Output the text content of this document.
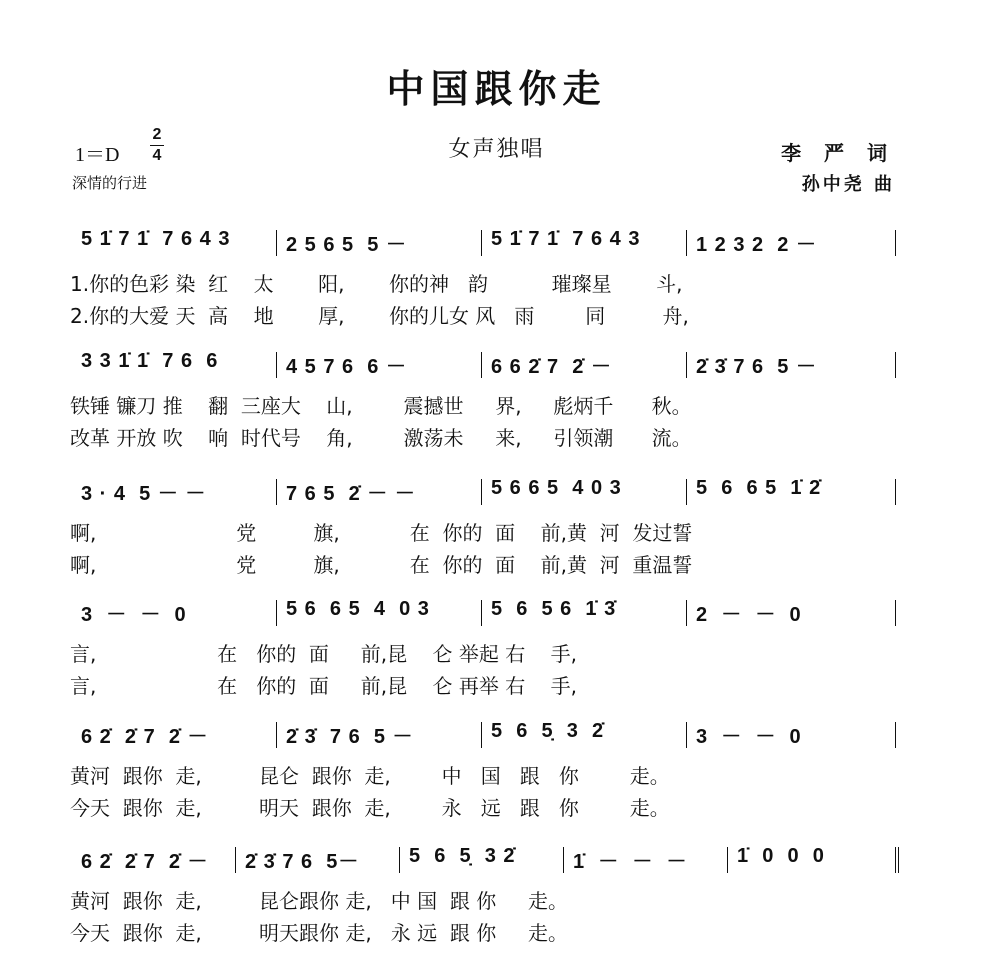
中国跟你走
1＝D
2
4	女声独唱	李 严 词
孙中尧 曲
深情的行进
5 1̇ 7 1̇  7 6 4 3	2 5 6 5  5 －	5 1̇ 7 1̇  7 6 4 3	1 2 3 2  2 －
1.你的色彩 染  红    太       阳,       你的神   韵          璀璨星       斗,
2.你的大爱 天  高    地       厚,       你的儿女 风   雨        同         舟,
3 3 1̇ 1̇  7 6  6	4 5 7 6  6 －	6 6 2̇ 7  2̇ －	2̇ 3̇ 7 6  5 －
铁锤 镰刀 推    翻  三座大    山,        震撼世     界,     彪炳千      秋。
改革 开放 吹    响  时代号    角,        激荡未     来,     引领潮      流。
3 · 4  5 － －	7 6 5  2̇ － －	5 6 6 5  4 0 3	5  6  6 5  1̇ 2̇
啊,                      党         旗,           在  你的  面    前,黄  河  发过誓
啊,                      党         旗,           在  你的  面    前,黄  河  重温誓
3  －  －  0	5 6  6 5  4  0 3	5  6  5 6  1̇ 3̇	2  －  －  0
言,                   在   你的  面     前,昆    仑 举起 右    手,
言,                   在   你的  面     前,昆    仑 再举 右    手,
6 2̇  2̇ 7  2̇ －	2̇ 3̇  7 6  5 －	5  6  5̣  3  2̇	3  －  －  0
黄河  跟你  走,         昆仑  跟你  走,        中   国   跟   你        走。
今天  跟你  走,         明天  跟你  走,        永   远   跟   你        走。
6 2̇  2̇ 7  2̇ －	2̇ 3̇ 7 6  5－	5  6  5̣  3 2̇	1̇  －  －  －	1̇  0  0  0
黄河  跟你  走,         昆仑跟你 走,   中 国  跟 你     走。
今天  跟你  走,         明天跟你 走,   永 远  跟 你     走。
